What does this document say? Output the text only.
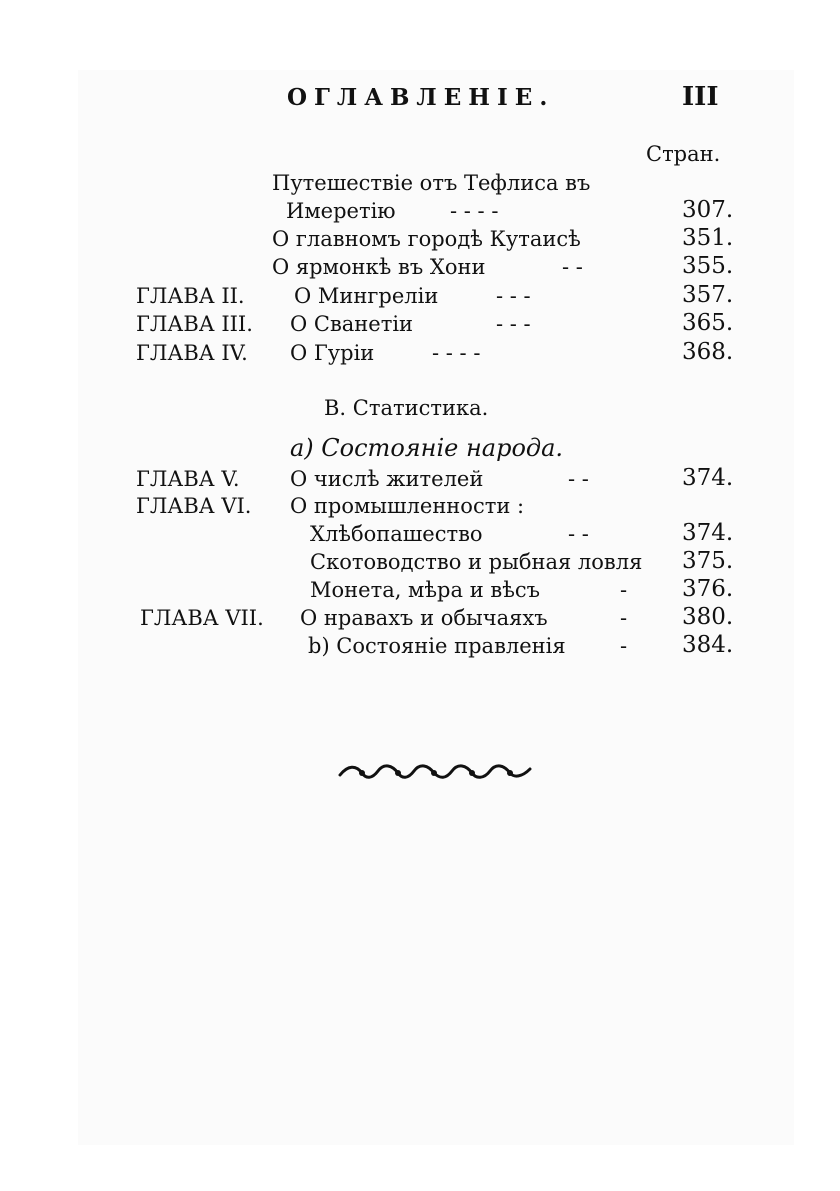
ОГЛАВЛЕНІЕ.	III
Стран.
Путешествіе отъ Тефлиса въ
Имеретію	- - - -	307.
О главномъ городѣ Кутаисѣ	351.
О ярмонкѣ въ Хони	- -	355.
ГЛАВА II. О Мингреліи	- - -	357.
ГЛАВА III. О Сванетіи	- - -	365.
ГЛАВА IV. О Гуріи	- - - -	368.
В. Статистика.
a) Состояніе народа.
ГЛАВА V. О числѣ жителей	- -	374.
ГЛАВА VI. О промышленности :
Хлѣбопашество	- -	374.
Скотоводство и рыбная ловля 375.
Монета, мѣра и вѣсъ	- 376.
ГЛАВА VII. О нравахъ и обычаяхъ	- 380.
b) Состояніе правленія	- 384.
